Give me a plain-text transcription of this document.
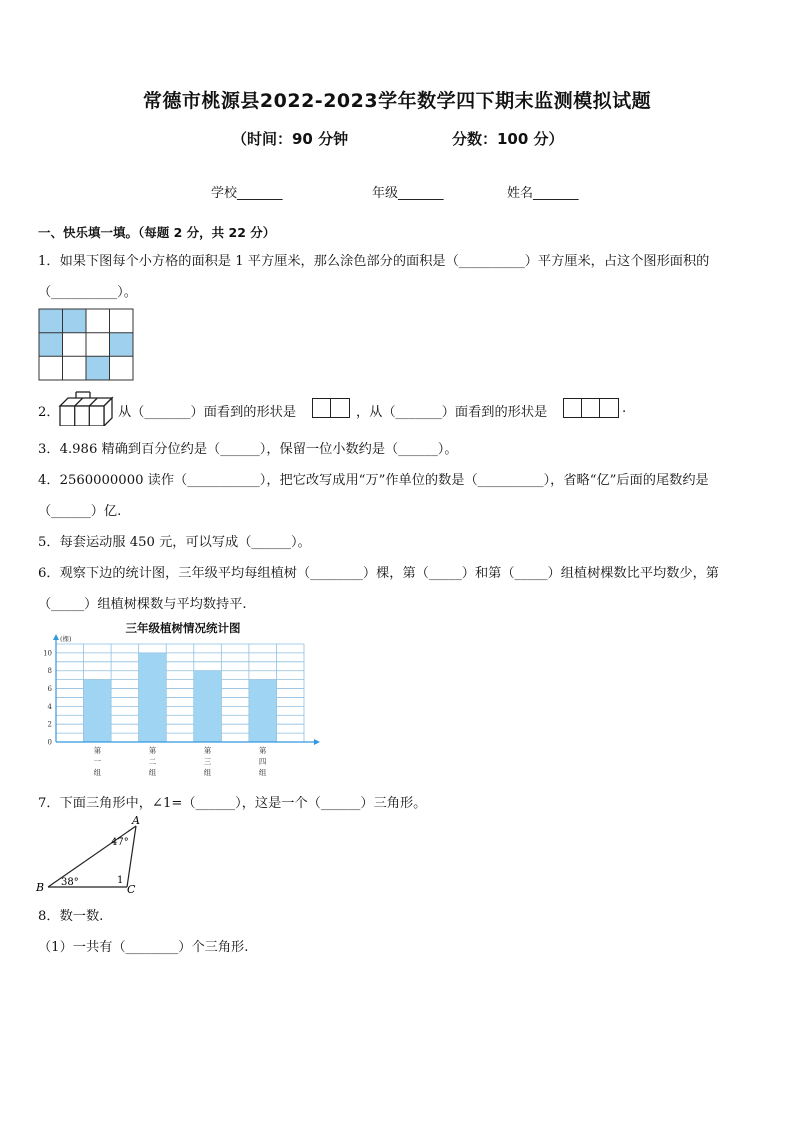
常德市桃源县2022-2023学年数学四下期末监测模拟试题
（时间：90 分钟	分数：100 分）
学校_______	年级_______	姓名_______
一、快乐填一填。（每题 2 分，共 22 分）
1．如果下图每个小方格的面积是 1 平方厘米，那么涂色部分的面积是（__________）平方厘米，占这个图形面积的
（__________）。
2．	从（_______）面看到的形状是	，从（_______）面看到的形状是	.
3．4.986 精确到百分位约是（______），保留一位小数约是（______）。
4．2560000000 读作（___________），把它改写成用“万”作单位的数是（__________），省略“亿”后面的尾数约是
（______）亿.
5．每套运动服 450 元，可以写成（______）。
6．观察下边的统计图，三年级平均每组植树（________）棵，第（_____）和第（_____）组植树棵数比平均数少，第
（_____）组植树棵数与平均数持平.
三年级植树情况统计图
(棵)
0
2
4
6
8
10
第
一
组
第
二
组
第
三
组
第
四
组
7．下面三角形中，∠1=（______），这是一个（______）三角形。
A
B	C
47°
38°	1
8．数一数.
（1）一共有（________）个三角形.
